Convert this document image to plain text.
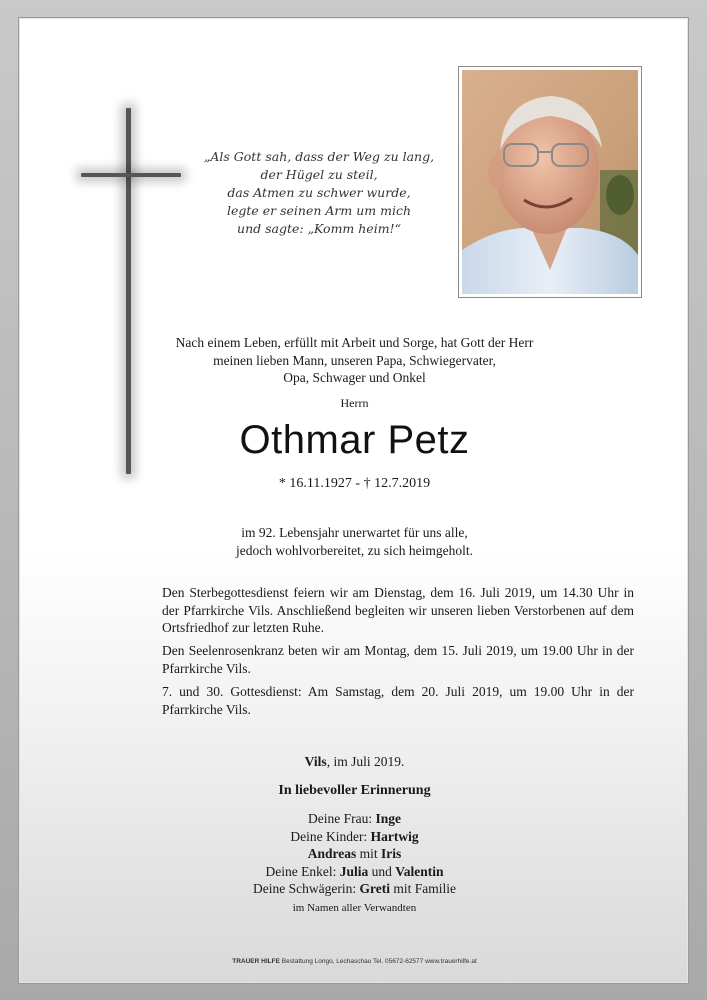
„Als Gott sah, dass der Weg zu lang,
der Hügel zu steil,
das Atmen zu schwer wurde,
legte er seinen Arm um mich
und sagte: „Komm heim!“
Nach einem Leben, erfüllt mit Arbeit und Sorge, hat Gott der Herr
meinen lieben Mann, unseren Papa, Schwiegervater,
Opa, Schwager und Onkel
Herrn
Othmar Petz
* 16.11.1927 - † 12.7.2019
im 92. Lebensjahr unerwartet für uns alle,
jedoch wohlvorbereitet, zu sich heimgeholt.
Den Sterbegottesdienst feiern wir am Dienstag, dem 16. Juli 2019, um 14.30 Uhr in der Pfarrkirche Vils. Anschließend begleiten wir unseren lieben Verstorbenen auf dem Ortsfriedhof zur letzten Ruhe.
Den Seelenrosenkranz beten wir am Montag, dem 15. Juli 2019, um 19.00 Uhr in der Pfarrkirche Vils.
7. und 30. Gottesdienst: Am Samstag, dem 20. Juli 2019, um 19.00 Uhr in der Pfarrkirche Vils.
Vils, im Juli 2019.
In liebevoller Erinnerung
Deine Frau: Inge
Deine Kinder: Hartwig
Andreas mit Iris
Deine Enkel: Julia und Valentin
Deine Schwägerin: Greti mit Familie
im Namen aller Verwandten
TRAUER HILFE Bestattung Longo, Lechaschau Tel. 05672-62577 www.trauerhilfe.at
